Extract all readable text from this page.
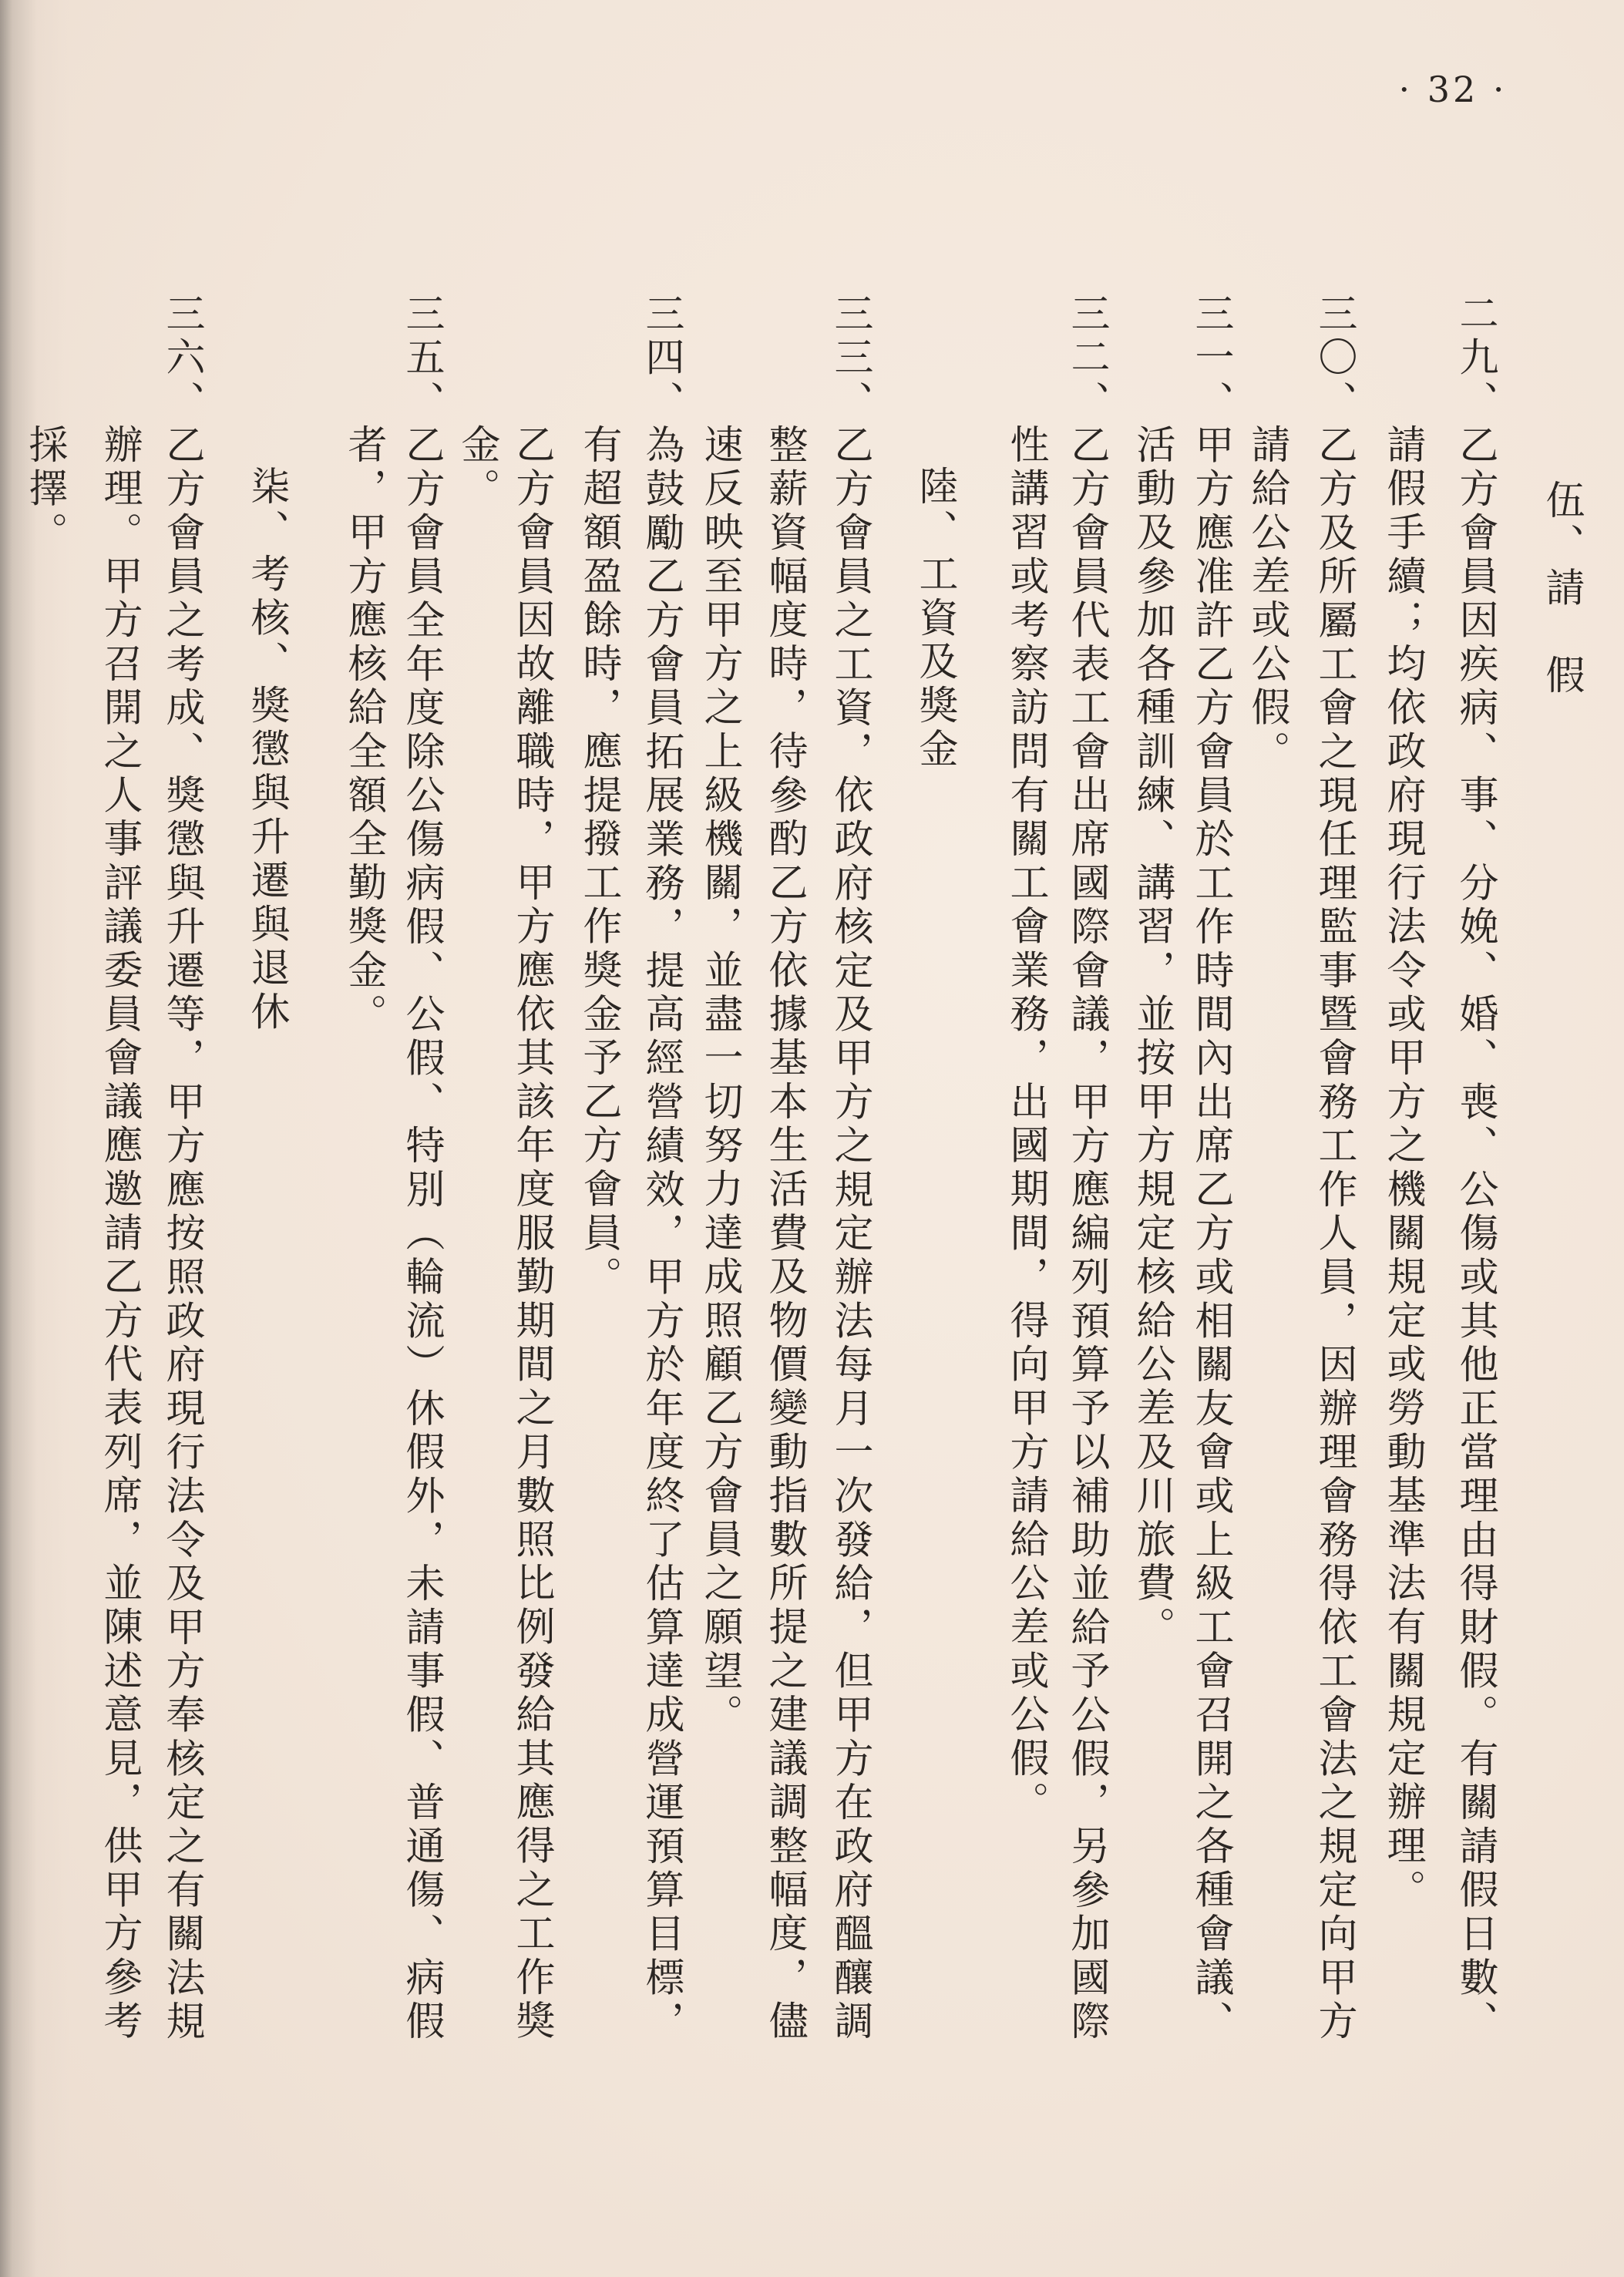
· 32 ·
伍、請　假
二九、乙方會員因疾病、事、分娩、婚、喪、公傷或其他正當理由得財假。有關請假日數、
請假手續；均依政府現行法令或甲方之機關規定或勞動基準法有關規定辦理。
三〇、乙方及所屬工會之現任理監事暨會務工作人員，因辦理會務得依工會法之規定向甲方
請給公差或公假。
三一、甲方應准許乙方會員於工作時間內出席乙方或相關友會或上級工會召開之各種會議、
活動及參加各種訓練、講習，並按甲方規定核給公差及川旅費。
三二、乙方會員代表工會出席國際會議，甲方應編列預算予以補助並給予公假，另參加國際
性講習或考察訪問有關工會業務，出國期間，得向甲方請給公差或公假。
陸、工資及獎金
三三、乙方會員之工資，依政府核定及甲方之規定辦法每月一次發給，但甲方在政府醞釀調
整薪資幅度時，待參酌乙方依據基本生活費及物價變動指數所提之建議調整幅度，儘
速反映至甲方之上級機關，並盡一切努力達成照顧乙方會員之願望。
三四、為鼓勵乙方會員拓展業務，提高經營績效，甲方於年度終了估算達成營運預算目標，
有超額盈餘時，應提撥工作獎金予乙方會員。
乙方會員因故離職時，甲方應依其該年度服勤期間之月數照比例發給其應得之工作獎
金。
三五、乙方會員全年度除公傷病假、公假、特別（輪流）休假外，未請事假、普通傷、病假
者，甲方應核給全額全勤獎金。
柒、考核、獎懲與升遷與退休
三六、乙方會員之考成、獎懲與升遷等，甲方應按照政府現行法令及甲方奉核定之有關法規
辦理。甲方召開之人事評議委員會議應邀請乙方代表列席，並陳述意見，供甲方參考
採擇。
